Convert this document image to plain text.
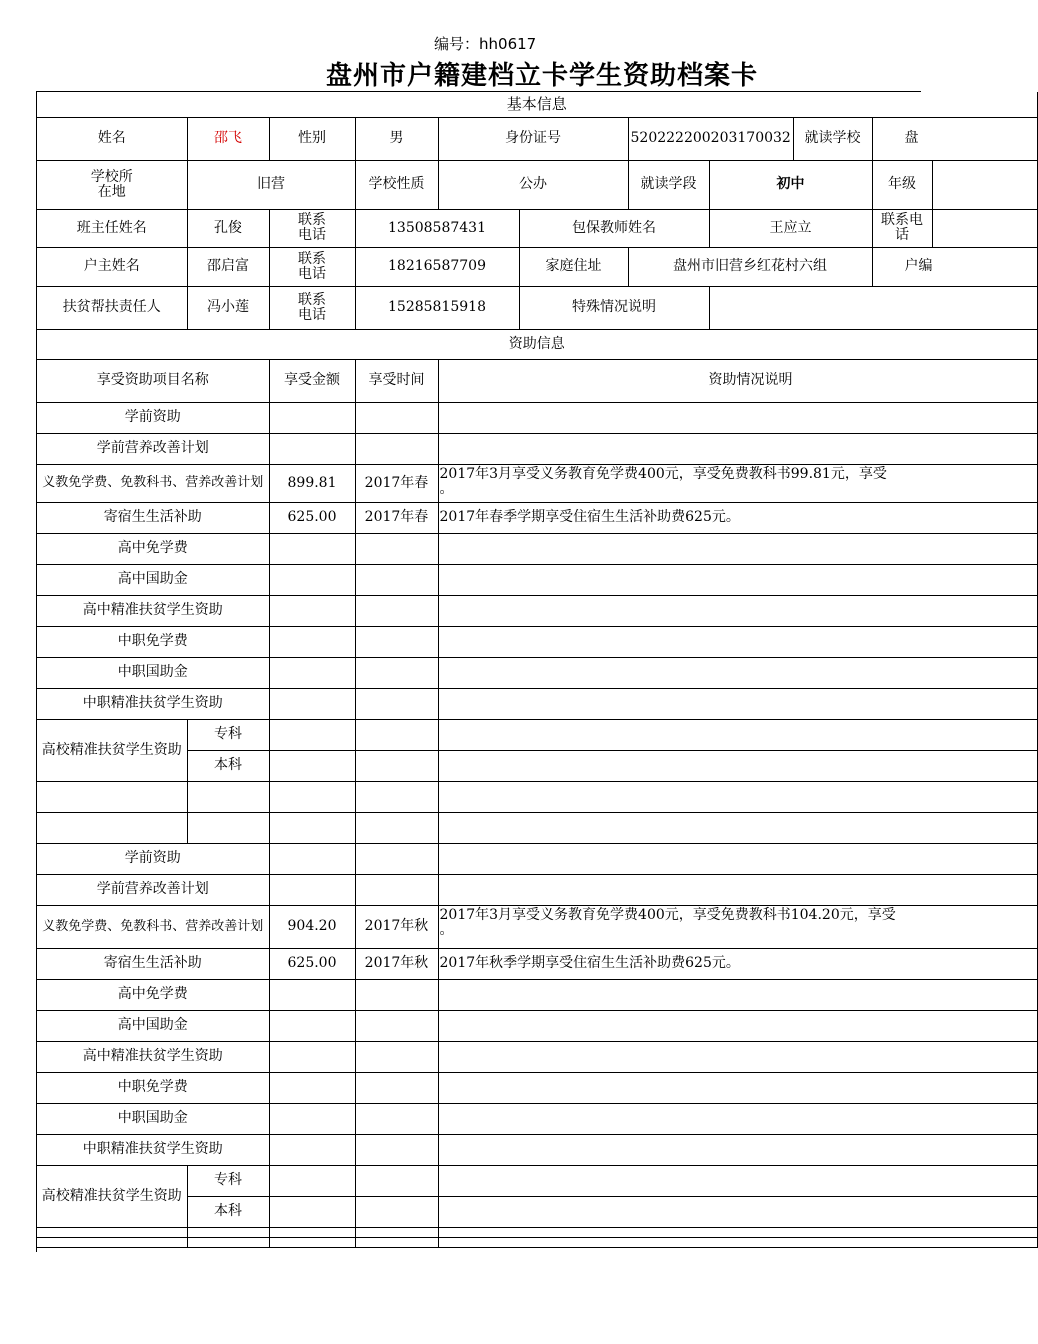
编号：hh0617
盘州市户籍建档立卡学生资助档案卡
基本信息										
姓名	邵飞	性别	男	身份证号		520222200203170032		就读学校	盘	
学校所在地	旧营		学校性质	公办		就读学段	初中		年级	
班主任姓名	孔俊	联系电话	13508587431		包保教师姓名		王应立		联系电话	
户主姓名	邵启富	联系电话	18216587709		家庭住址	盘州市旧营乡红花村六组			户编	
扶贫帮扶责任人	冯小莲	联系电话	15285815918		特殊情况说明					
资助信息										
享受资助项目名称		享受金额	享受时间	资助情况说明						
学前资助										
学前营养改善计划										
义教免学费、免教科书、营养改善计划		899.81	2017年春	2017年3月享受义务教育免学费400元，享受免费教科书99.81元，享受
。						

寄宿生生活补助		625.00	2017年春	2017年春季学期享受住宿生生活补助费625元。						
高中免学费										
高中国助金										
高中精准扶贫学生资助										
中职免学费										
中职国助金										
中职精准扶贫学生资助										
高校精准扶贫学生资助	专科									
	本科									

学前资助										
学前营养改善计划										
义教免学费、免教科书、营养改善计划		904.20	2017年秋	2017年3月享受义务教育免学费400元，享受免费教科书104.20元，享受
。						

寄宿生生活补助		625.00	2017年秋	2017年秋季学期享受住宿生生活补助费625元。						
高中免学费										
高中国助金										
高中精准扶贫学生资助										
中职免学费										
中职国助金										
中职精准扶贫学生资助										
高校精准扶贫学生资助	专科									
	本科									
